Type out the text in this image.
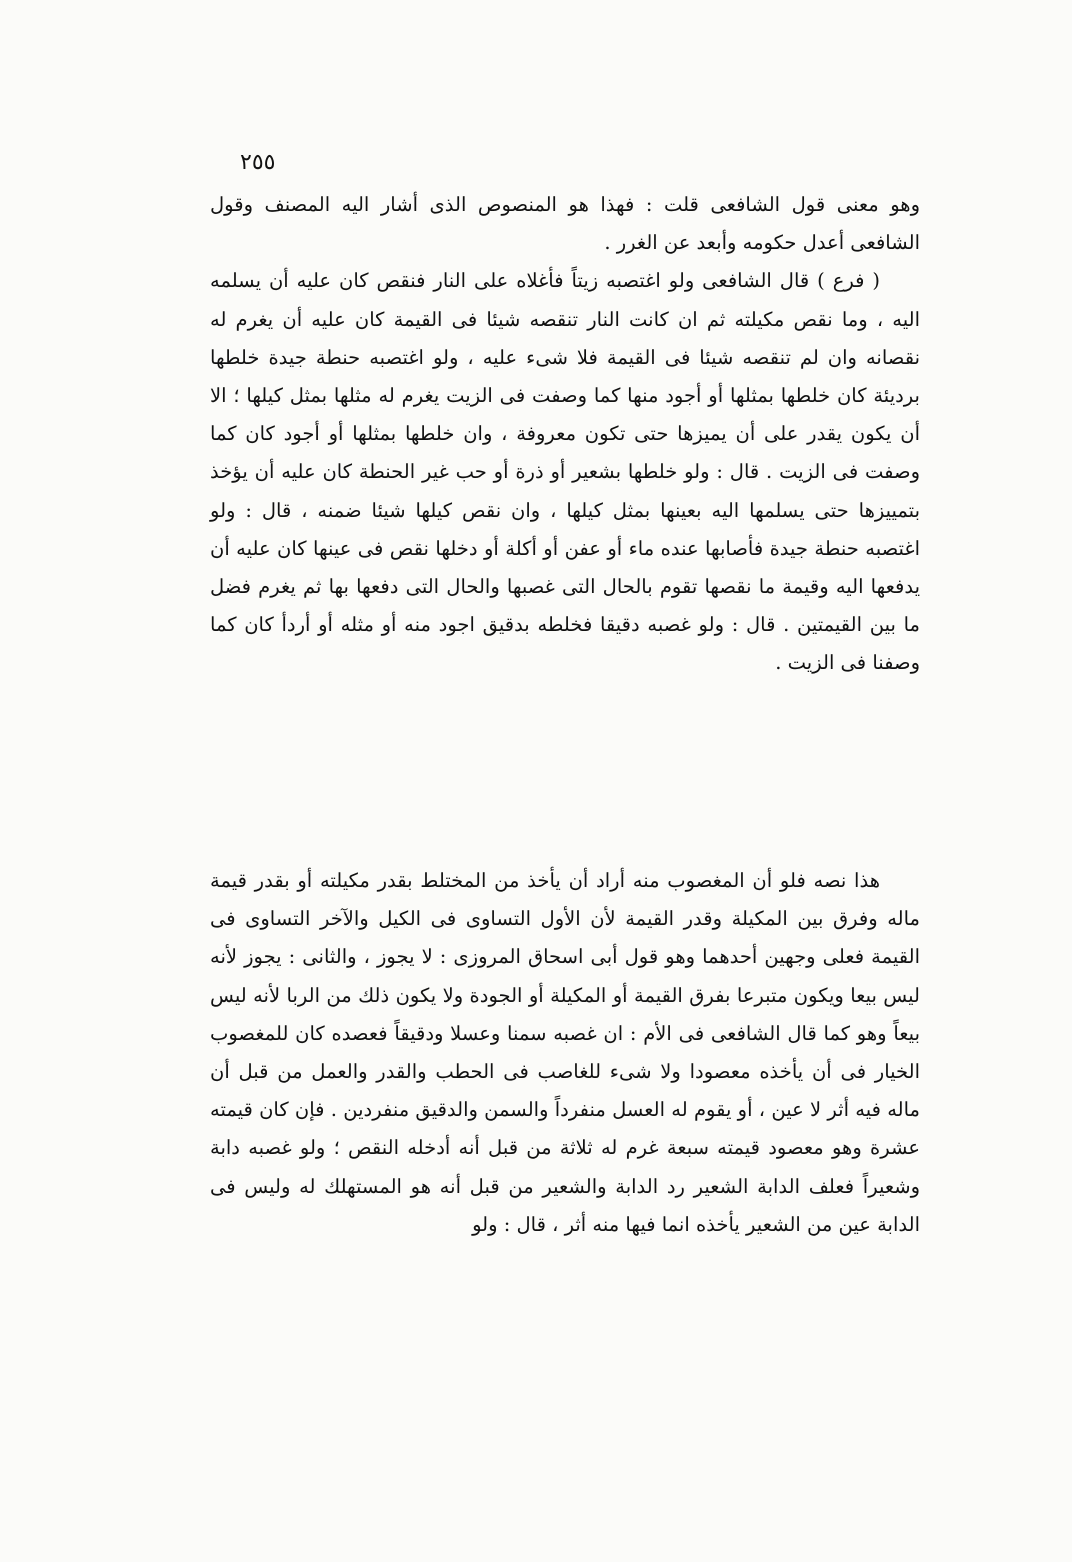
٢٥٥

وهو معنى قول الشافعى قلت : فهذا هو المنصوص الذى أشار اليه المصنف وقول الشافعى أعدل حكومه وأبعد عن الغرر .

( فرع ) قال الشافعى ولو اغتصبه زيتاً فأغلاه على النار فنقص كان عليه أن يسلمه اليه ، وما نقص مكيلته ثم ان كانت النار تنقصه شيئا فى القيمة كان عليه أن يغرم له نقصانه وان لم تنقصه شيئا فى القيمة فلا شىء عليه ، ولو اغتصبه حنطة جيدة خلطها برديئة كان خلطها بمثلها أو أجود منها كما وصفت فى الزيت يغرم له مثلها بمثل كيلها ؛ الا أن يكون يقدر على أن يميزها حتى تكون معروفة ، وان خلطها بمثلها أو أجود كان كما وصفت فى الزيت . قال : ولو خلطها بشعير أو ذرة أو حب غير الحنطة كان عليه أن يؤخذ بتمييزها حتى يسلمها اليه بعينها بمثل كيلها ، وان نقص كيلها شيئا ضمنه ، قال : ولو اغتصبه حنطة جيدة فأصابها عنده ماء أو عفن أو أكلة أو دخلها نقص فى عينها كان عليه أن يدفعها اليه وقيمة ما نقصها تقوم بالحال التى غصبها والحال التى دفعها بها ثم يغرم فضل ما بين القيمتين . قال : ولو غصبه دقيقا فخلطه بدقيق اجود منه أو مثله أو أردأ كان كما وصفنا فى الزيت .

هذا نصه فلو أن المغصوب منه أراد أن يأخذ من المختلط بقدر مكيلته أو بقدر قيمة ماله وفرق بين المكيلة وقدر القيمة لأن الأول التساوى فى الكيل والآخر التساوى فى القيمة فعلى وجهين أحدهما وهو قول أبى اسحاق المروزى : لا يجوز ، والثانى : يجوز لأنه ليس بيعا ويكون متبرعا بفرق القيمة أو المكيلة أو الجودة ولا يكون ذلك من الربا لأنه ليس بيعاً وهو كما قال الشافعى فى الأم : ان غصبه سمنا وعسلا ودقيقاً فعصده كان للمغصوب الخيار فى أن يأخذه معصودا ولا شىء للغاصب فى الحطب والقدر والعمل من قبل أن ماله فيه أثر لا عين ، أو يقوم له العسل منفرداً والسمن والدقيق منفردين . فإن كان قيمته عشرة وهو معصود قيمته سبعة غرم له ثلاثة من قبل أنه أدخله النقص ؛ ولو غصبه دابة وشعيراً فعلف الدابة الشعير رد الدابة والشعير من قبل أنه هو المستهلك له وليس فى الدابة عين من الشعير يأخذه انما فيها منه أثر ، قال : ولو
